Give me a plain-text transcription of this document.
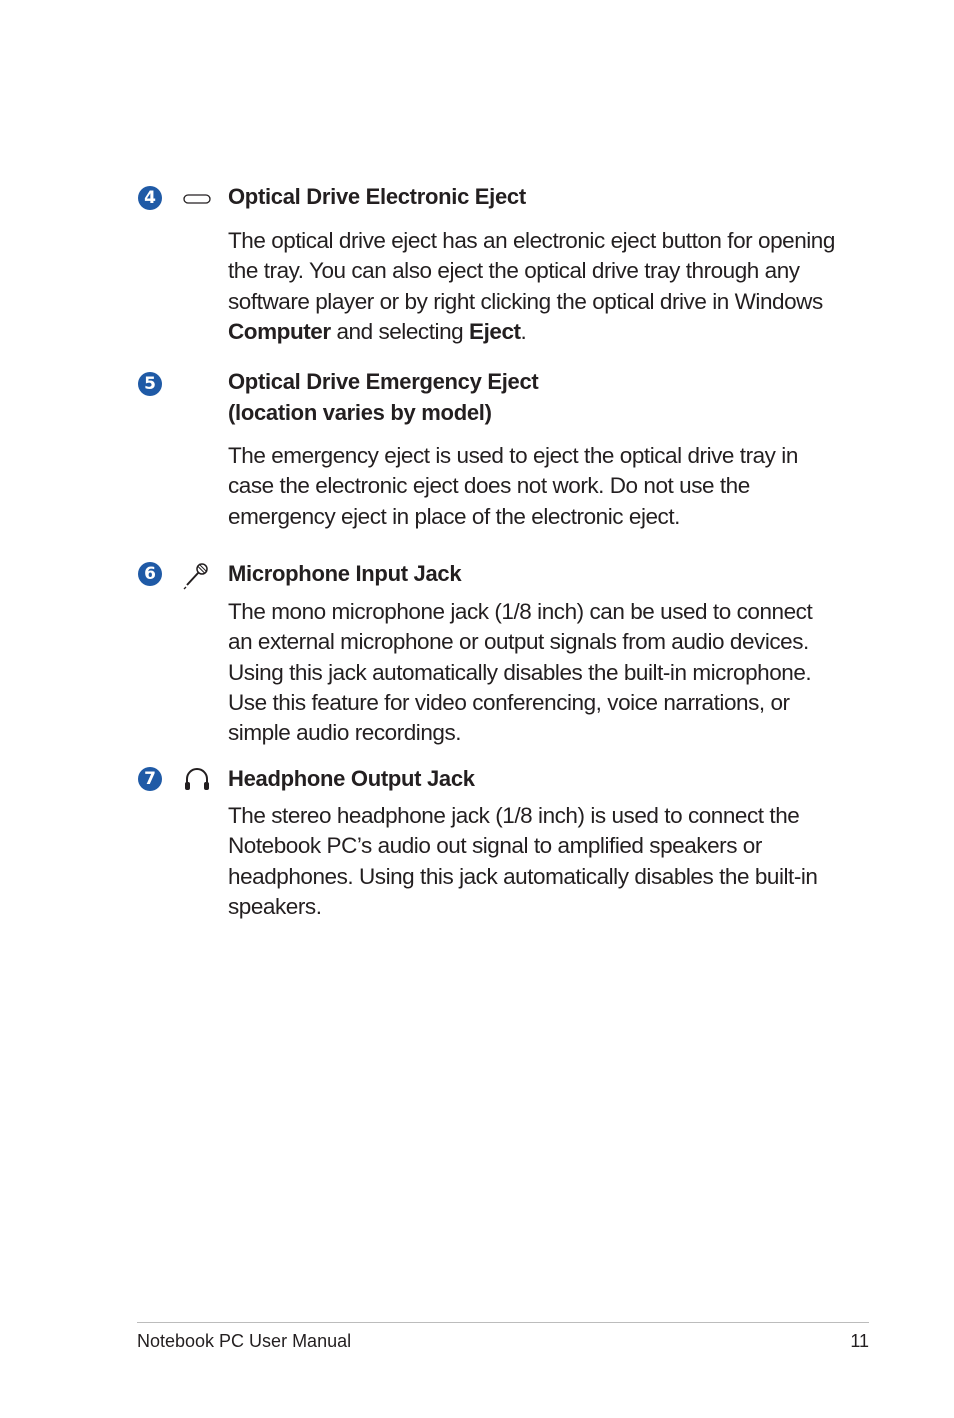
4	Optical Drive Electronic Eject

The optical drive eject has an electronic eject button for opening the tray. You can also eject the optical drive tray through any software player or by right clicking the optical drive in Windows Computer and selecting Eject.

5	Optical Drive Emergency Eject
(location varies by model)

The emergency eject is used to eject the optical drive tray in case the electronic eject does not work. Do not use the emergency eject in place of the electronic eject.

6	Microphone Input Jack

The mono microphone jack (1/8 inch) can be used to connect an external microphone or output signals from audio devices. Using this jack automatically disables the built-in microphone. Use this feature for video conferencing, voice narrations, or simple audio recordings.

7	Headphone Output Jack

The stereo headphone jack (1/8 inch) is used to connect the Notebook PC’s audio out signal to amplified speakers or headphones. Using this jack automatically disables the built-in speakers.

Notebook PC User Manual	11
